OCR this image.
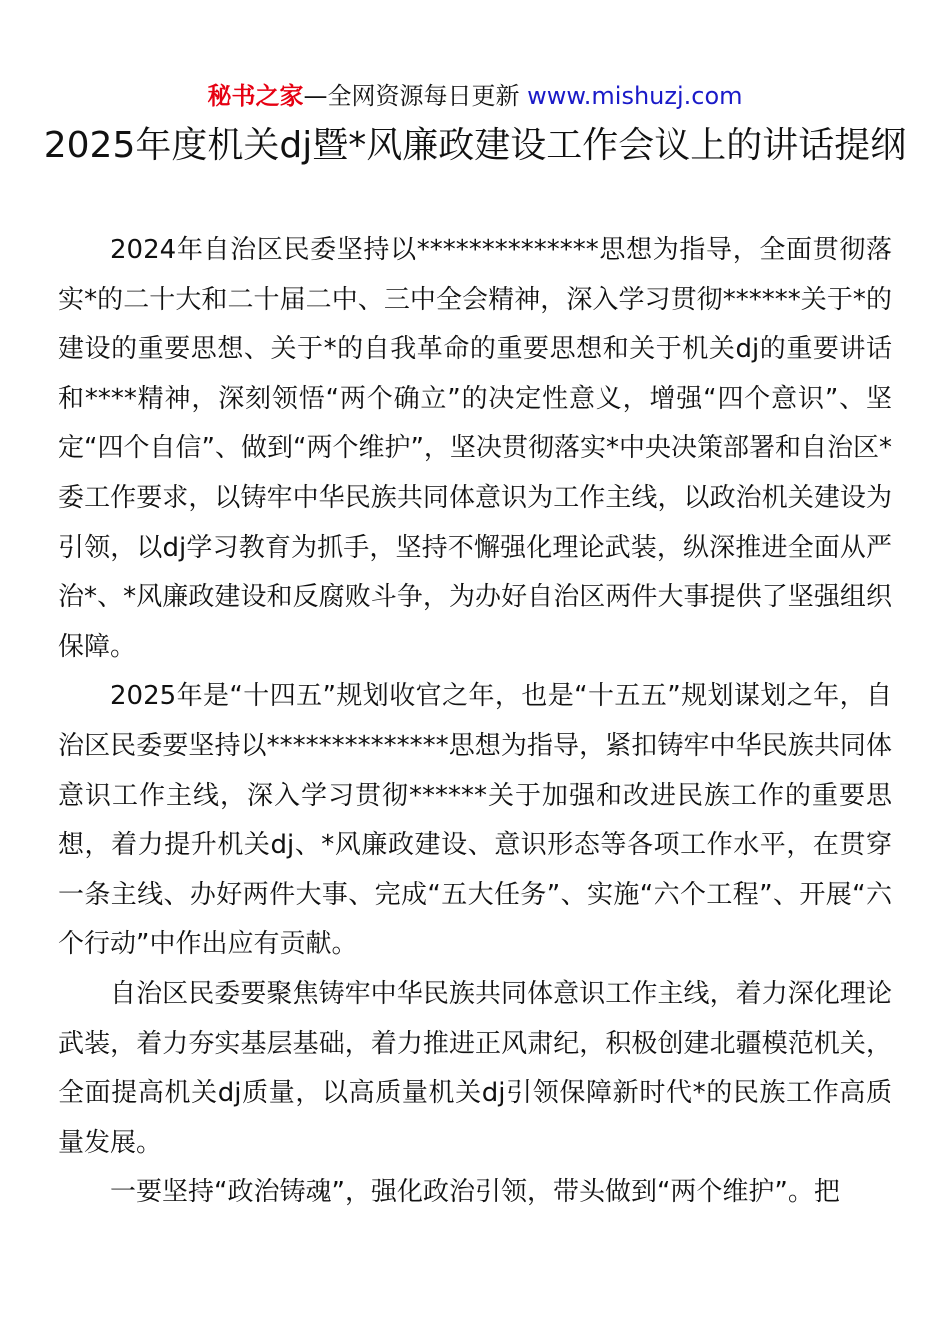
秘书之家—全网资源每日更新 www.mishuzj.com
2025年度机关dj暨*风廉政建设工作会议上的讲话提纲

2024年自治区民委坚持以**************思想为指导，全面贯彻落实*的二十大和二十届二中、三中全会精神，深入学习贯彻******关于*的建设的重要思想、关于*的自我革命的重要思想和关于机关dj的重要讲话和****精神，深刻领悟“两个确立”的决定性意义，增强“四个意识”、坚定“四个自信”、做到“两个维护”，坚决贯彻落实*中央决策部署和自治区*委工作要求，以铸牢中华民族共同体意识为工作主线，以政治机关建设为引领，以dj学习教育为抓手，坚持不懈强化理论武装，纵深推进全面从严治*、*风廉政建设和反腐败斗争，为办好自治区两件大事提供了坚强组织保障。

2025年是“十四五”规划收官之年，也是“十五五”规划谋划之年，自治区民委要坚持以**************思想为指导，紧扣铸牢中华民族共同体意识工作主线，深入学习贯彻******关于加强和改进民族工作的重要思想，着力提升机关dj、*风廉政建设、意识形态等各项工作水平，在贯穿一条主线、办好两件大事、完成“五大任务”、实施“六个工程”、开展“六个行动”中作出应有贡献。

自治区民委要聚焦铸牢中华民族共同体意识工作主线，着力深化理论武装，着力夯实基层基础，着力推进正风肃纪，积极创建北疆模范机关，全面提高机关dj质量，以高质量机关dj引领保障新时代*的民族工作高质量发展。

一要坚持“政治铸魂”，强化政治引领，带头做到“两个维护”。把
